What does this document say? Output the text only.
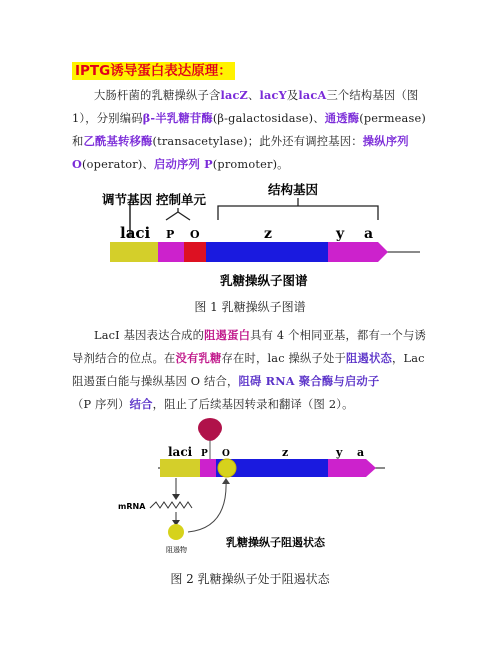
IPTG诱导蛋白表达原理：
大肠杆菌的乳糖操纵子含lacZ、lacY及lacA三个结构基因（图1），分别编码β-半乳糖苷酶(β-galactosidase)、通透酶(permease)和乙酰基转移酶(transacetylase)；此外还有调控基因：操纵序列 O(operator)、启动序列 P(promoter)。
调节基因 控制单元
结构基因
laci P O	z	y a
乳糖操纵子图谱
图 1 乳糖操纵子图谱
LacI 基因表达合成的阻遏蛋白具有 4 个相同亚基，都有一个与诱导剂结合的位点。在没有乳糖存在时，lac 操纵子处于阻遏状态，Lac 阻遏蛋白能与操纵基因 O 结合，阻碍 RNA 聚合酶与启动子（P 序列）结合，阻止了后续基因转录和翻译（图 2）。
laci P O	z	y a
mRNA
阻遏物
乳糖操纵子阻遏状态
图 2 乳糖操纵子处于阻遏状态
